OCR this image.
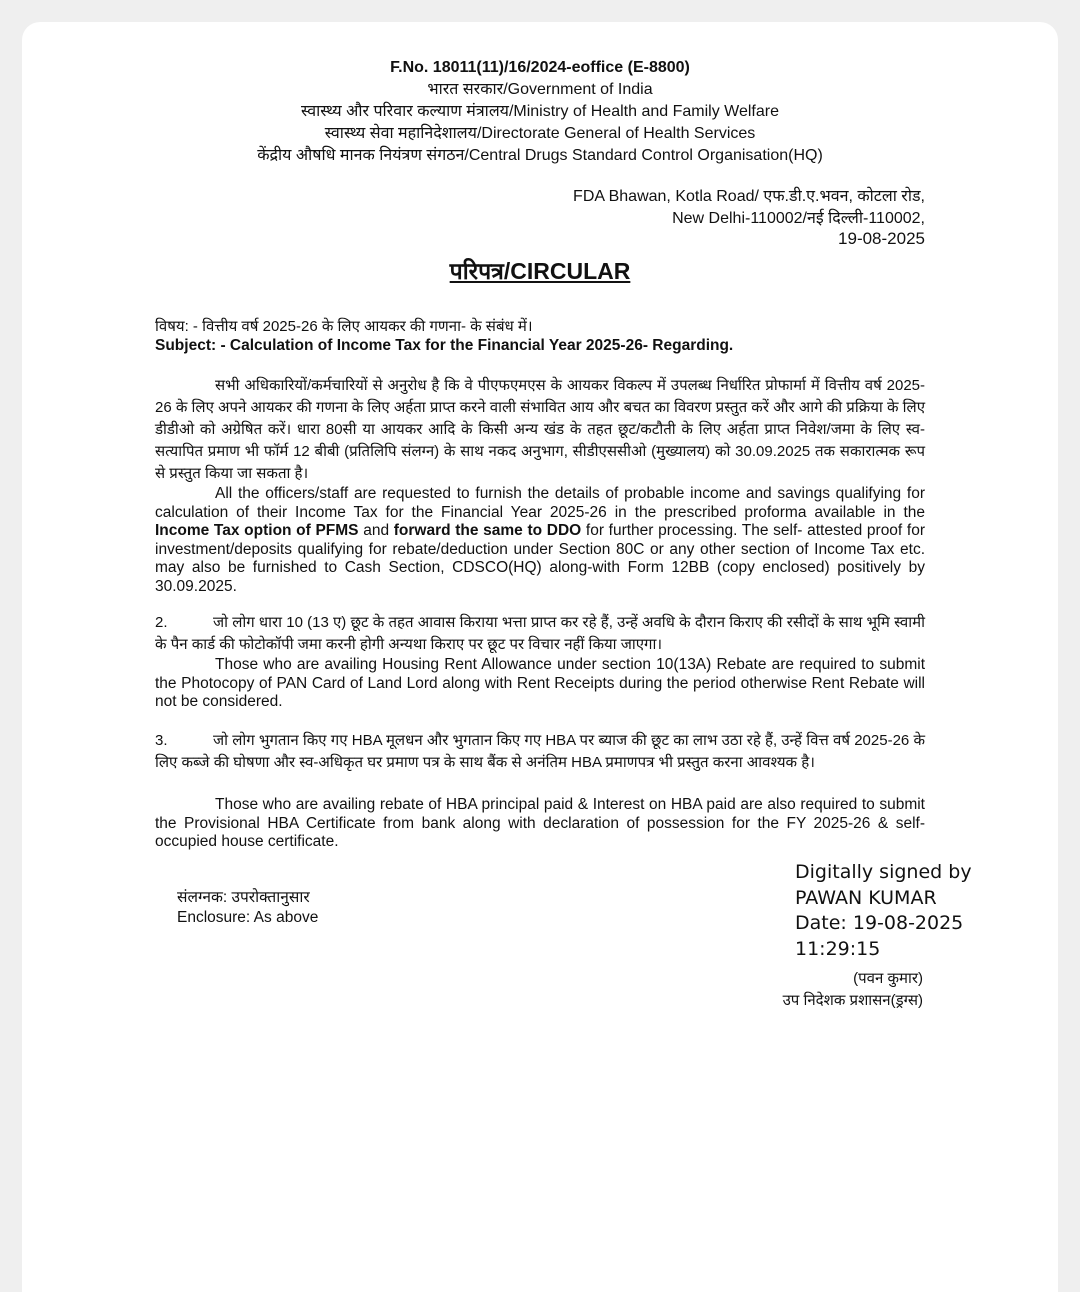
F.No. 18011(11)/16/2024-eoffice (E-8800)
भारत सरकार/Government of India
स्वास्थ्य और परिवार कल्याण मंत्रालय/Ministry of Health and Family Welfare
स्वास्थ्य सेवा महानिदेशालय/Directorate General of Health Services
केंद्रीय औषधि मानक नियंत्रण संगठन/Central Drugs Standard Control Organisation(HQ)
FDA Bhawan, Kotla Road/ एफ.डी.ए.भवन, कोटला रोड,
New Delhi-110002/नई दिल्ली-110002,
19-08-2025
परिपत्र/CIRCULAR
विषय: - वित्तीय वर्ष 2025-26 के लिए आयकर की गणना- के संबंध में।
Subject: - Calculation of Income Tax for the Financial Year 2025-26- Regarding.
सभी अधिकारियों/कर्मचारियों से अनुरोध है कि वे पीएफएमएस के आयकर विकल्प में उपलब्ध निर्धारित प्रोफार्मा में वित्तीय वर्ष 2025-26 के लिए अपने आयकर की गणना के लिए अर्हता प्राप्त करने वाली संभावित आय और बचत का विवरण प्रस्तुत करें और आगे की प्रक्रिया के लिए डीडीओ को अग्रेषित करें। धारा 80सी या आयकर आदि के किसी अन्य खंड के तहत छूट/कटौती के लिए अर्हता प्राप्त निवेश/जमा के लिए स्व-सत्यापित प्रमाण भी फॉर्म 12 बीबी (प्रतिलिपि संलग्न) के साथ नकद अनुभाग, सीडीएससीओ (मुख्यालय) को 30.09.2025 तक सकारात्मक रूप से प्रस्तुत किया जा सकता है।
All the officers/staff are requested to furnish the details of probable income and savings qualifying for calculation of their Income Tax for the Financial Year 2025-26 in the prescribed proforma available in the Income Tax option of PFMS and forward the same to DDO for further processing. The self- attested proof for investment/deposits qualifying for rebate/deduction under Section 80C or any other section of Income Tax etc. may also be furnished to Cash Section, CDSCO(HQ) along-with Form 12BB (copy enclosed) positively by 30.09.2025.
2.	जो लोग धारा 10 (13 ए) छूट के तहत आवास किराया भत्ता प्राप्त कर रहे हैं, उन्हें अवधि के दौरान किराए की रसीदों के साथ भूमि स्वामी के पैन कार्ड की फोटोकॉपी जमा करनी होगी अन्यथा किराए पर छूट पर विचार नहीं किया जाएगा।
Those who are availing Housing Rent Allowance under section 10(13A) Rebate are required to submit the Photocopy of PAN Card of Land Lord along with Rent Receipts during the period otherwise Rent Rebate will not be considered.
3.	जो लोग भुगतान किए गए HBA मूलधन और भुगतान किए गए HBA पर ब्याज की छूट का लाभ उठा रहे हैं, उन्हें वित्त वर्ष 2025-26 के लिए कब्जे की घोषणा और स्व-अधिकृत घर प्रमाण पत्र के साथ बैंक से अनंतिम HBA प्रमाणपत्र भी प्रस्तुत करना आवश्यक है।
Those who are availing rebate of HBA principal paid & Interest on HBA paid are also required to submit the Provisional HBA Certificate from bank along with declaration of possession for the FY 2025-26 & self-occupied house certificate.
Digitally signed by
PAWAN KUMAR
Date: 19-08-2025
11:29:15
संलग्नक: उपरोक्तानुसार
Enclosure: As above
(पवन कुमार)
उप निदेशक प्रशासन(ड्रग्स)
